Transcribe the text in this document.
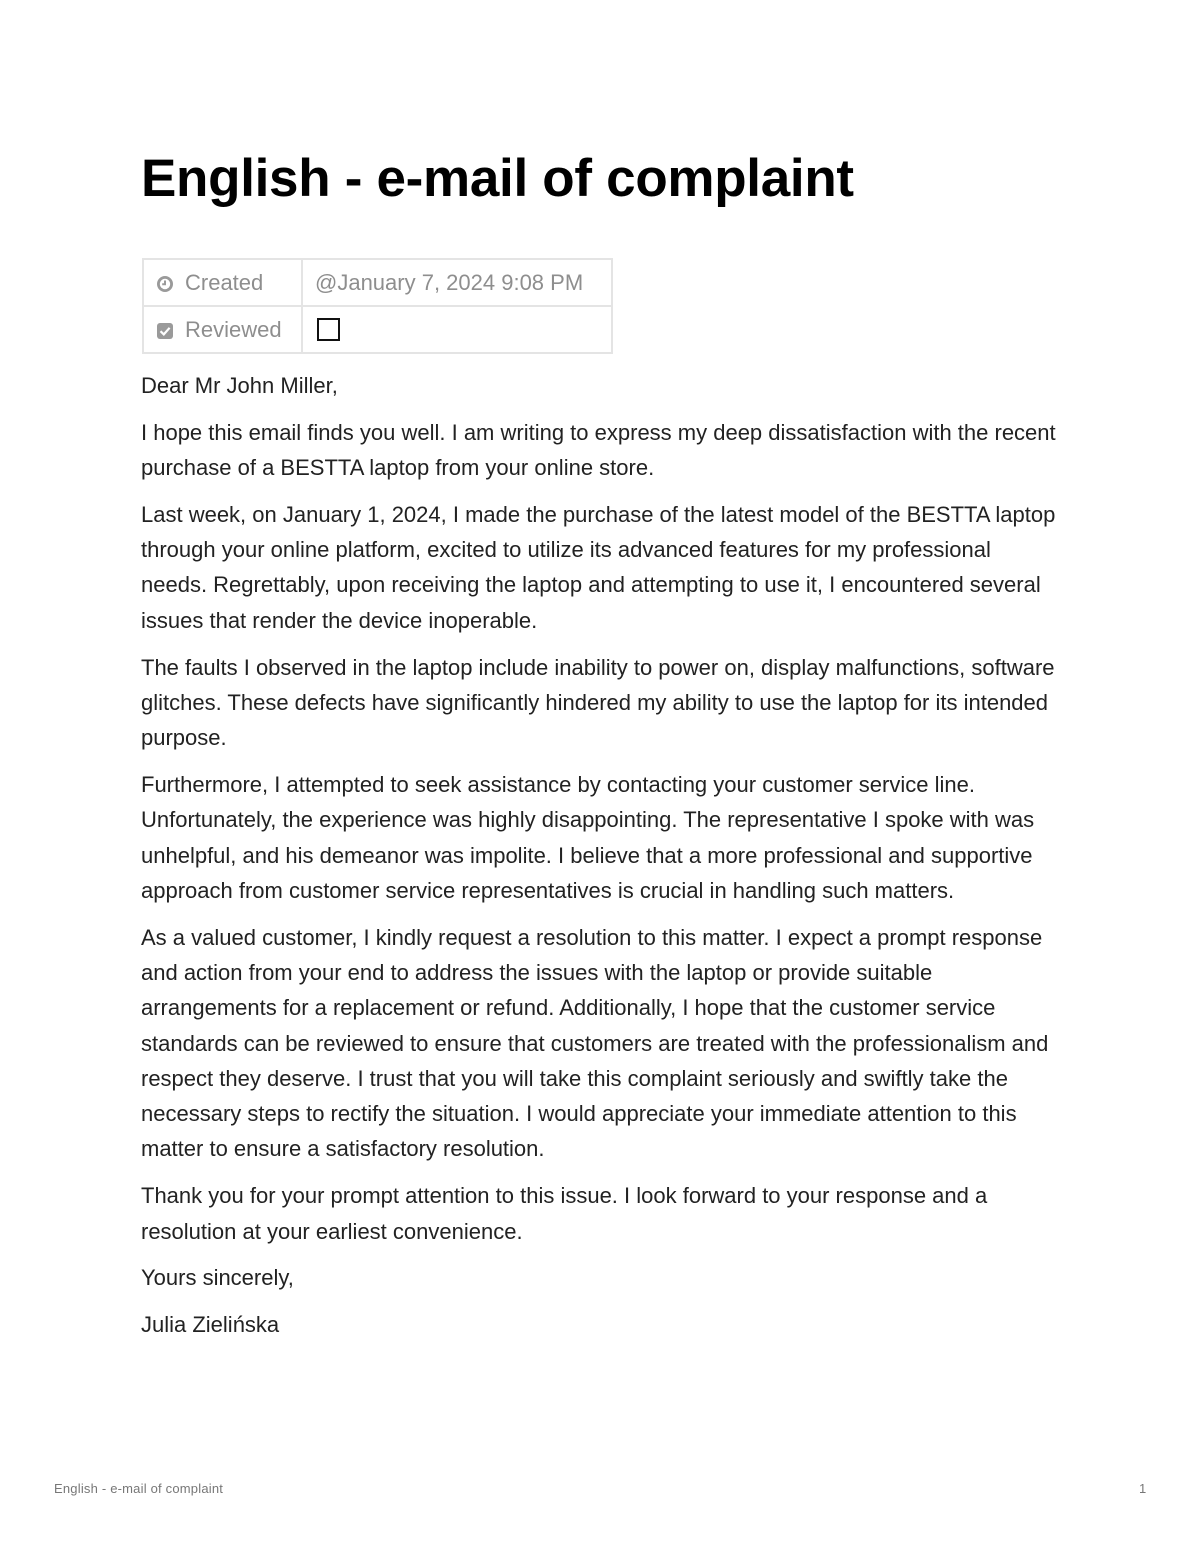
English - e-mail of complaint
Created	@January 7, 2024 9:08 PM
Reviewed	

Dear Mr John Miller,

I hope this email finds you well. I am writing to express my deep dissatisfaction with the recent purchase of a BESTTA laptop from your online store.

Last week, on January 1, 2024, I made the purchase of the latest model of the BESTTA laptop through your online platform, excited to utilize its advanced features for my professional needs. Regrettably, upon receiving the laptop and attempting to use it, I encountered several issues that render the device inoperable.

The faults I observed in the laptop include inability to power on, display malfunctions, software glitches. These defects have significantly hindered my ability to use the laptop for its intended purpose.

Furthermore, I attempted to seek assistance by contacting your customer service line. Unfortunately, the experience was highly disappointing. The representative I spoke with was unhelpful, and his demeanor was impolite. I believe that a more professional and supportive approach from customer service representatives is crucial in handling such matters.

As a valued customer, I kindly request a resolution to this matter. I expect a prompt response and action from your end to address the issues with the laptop or provide suitable arrangements for a replacement or refund. Additionally, I hope that the customer service standards can be reviewed to ensure that customers are treated with the professionalism and respect they deserve. I trust that you will take this complaint seriously and swiftly take the necessary steps to rectify the situation. I would appreciate your immediate attention to this matter to ensure a satisfactory resolution.

Thank you for your prompt attention to this issue. I look forward to your response and a resolution at your earliest convenience.

Yours sincerely,

Julia Zielińska

English - e-mail of complaint	1
